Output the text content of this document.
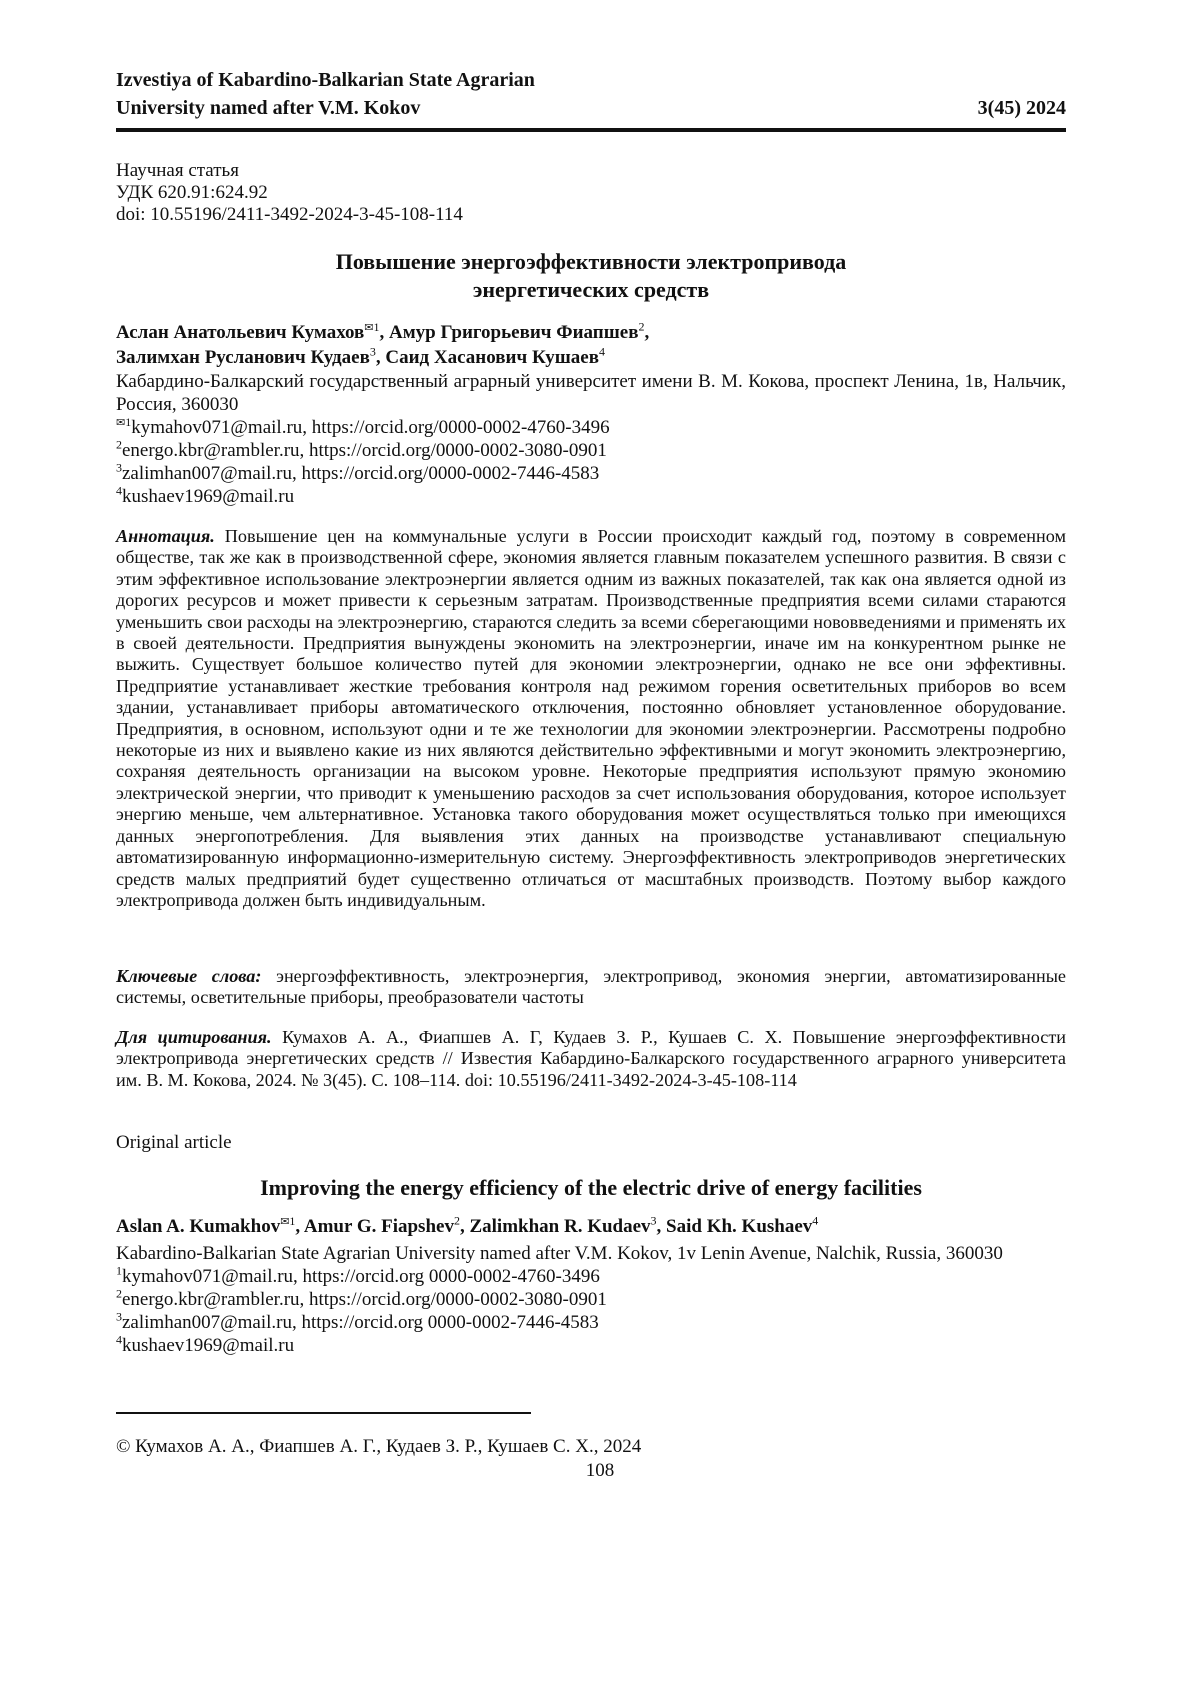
Izvestiya of Kabardino-Balkarian State Agrarian
University named after V.M. Kokov	3(45) 2024
Научная статья
УДК 620.91:624.92
doi: 10.55196/2411-3492-2024-3-45-108-114
Повышение энергоэффективности электропривода
энергетических средств
Аслан Анатольевич Кумахов$^{✉1}$, Амур Григорьевич Фиапшев$^2$,
Залимхан Русланович Кудаев$^3$, Саид Хасанович Кушаев$^4$
Кабардино-Балкарский государственный аграрный университет имени В. М. Кокова, проспект Ленина, 1в, Нальчик, Россия, 360030
$^{✉1}$kymahov071@mail.ru, https://orcid.org/0000-0002-4760-3496
$^2$energo.kbr@rambler.ru, https://orcid.org/0000-0002-3080-0901
$^3$zalimhan007@mail.ru, https://orcid.org/0000-0002-7446-4583
$^4$kushaev1969@mail.ru
Аннотация. Повышение цен на коммунальные услуги в России происходит каждый год, поэтому в современном обществе, так же как в производственной сфере, экономия является главным показателем успешного развития. В связи с этим эффективное использование электроэнергии является одним из важных показателей, так как она является одной из дорогих ресурсов и может привести к серьезным затратам. Производственные предприятия всеми силами стараются уменьшить свои расходы на электроэнергию, стараются следить за всеми сберегающими нововведениями и применять их в своей деятельности. Предприятия вынуждены экономить на электроэнергии, иначе им на конкурентном рынке не выжить. Существует большое количество путей для экономии электроэнергии, однако не все они эффективны. Предприятие устанавливает жесткие требования контроля над режимом горения осветительных приборов во всем здании, устанавливает приборы автоматического отключения, постоянно обновляет установленное оборудование. Предприятия, в основном, используют одни и те же технологии для экономии электроэнергии. Рассмотрены подробно некоторые из них и выявлено какие из них являются действительно эффективными и могут экономить электроэнергию, сохраняя деятельность организации на высоком уровне. Некоторые предприятия используют прямую экономию электрической энергии, что приводит к уменьшению расходов за счет использования оборудования, которое использует энергию меньше, чем альтернативное. Установка такого оборудования может осуществляться только при имеющихся данных энергопотребления. Для выявления этих данных на производстве устанавливают специальную автоматизированную информационно-измерительную систему. Энергоэффективность электроприводов энергетических средств малых предприятий будет существенно отличаться от масштабных производств. Поэтому выбор каждого электропривода должен быть индивидуальным.
Ключевые слова: энергоэффективность, электроэнергия, электропривод, экономия энергии, автоматизированные системы, осветительные приборы, преобразователи частоты
Для цитирования. Кумахов А. А., Фиапшев А. Г, Кудаев З. Р., Кушаев С. Х. Повышение энергоэффективности электропривода энергетических средств // Известия Кабардино-Балкарского государственного аграрного университета им. В. М. Кокова, 2024. № 3(45). С. 108–114. doi: 10.55196/2411-3492-2024-3-45-108-114
Original article
Improving the energy efficiency of the electric drive of energy facilities
Aslan A. Kumakhov$^{✉1}$, Amur G. Fiapshev$^2$, Zalimkhan R. Kudaev$^3$, Said Kh. Kushaev$^4$
Kabardino-Balkarian State Agrarian University named after V.M. Kokov, 1v Lenin Avenue, Nalchik, Russia, 360030
$^1$kymahov071@mail.ru, https://orcid.org 0000-0002-4760-3496
$^2$energo.kbr@rambler.ru, https://orcid.org/0000-0002-3080-0901
$^3$zalimhan007@mail.ru, https://orcid.org 0000-0002-7446-4583
$^4$kushaev1969@mail.ru
© Кумахов А. А., Фиапшев А. Г., Кудаев З. Р., Кушаев С. Х., 2024
108
